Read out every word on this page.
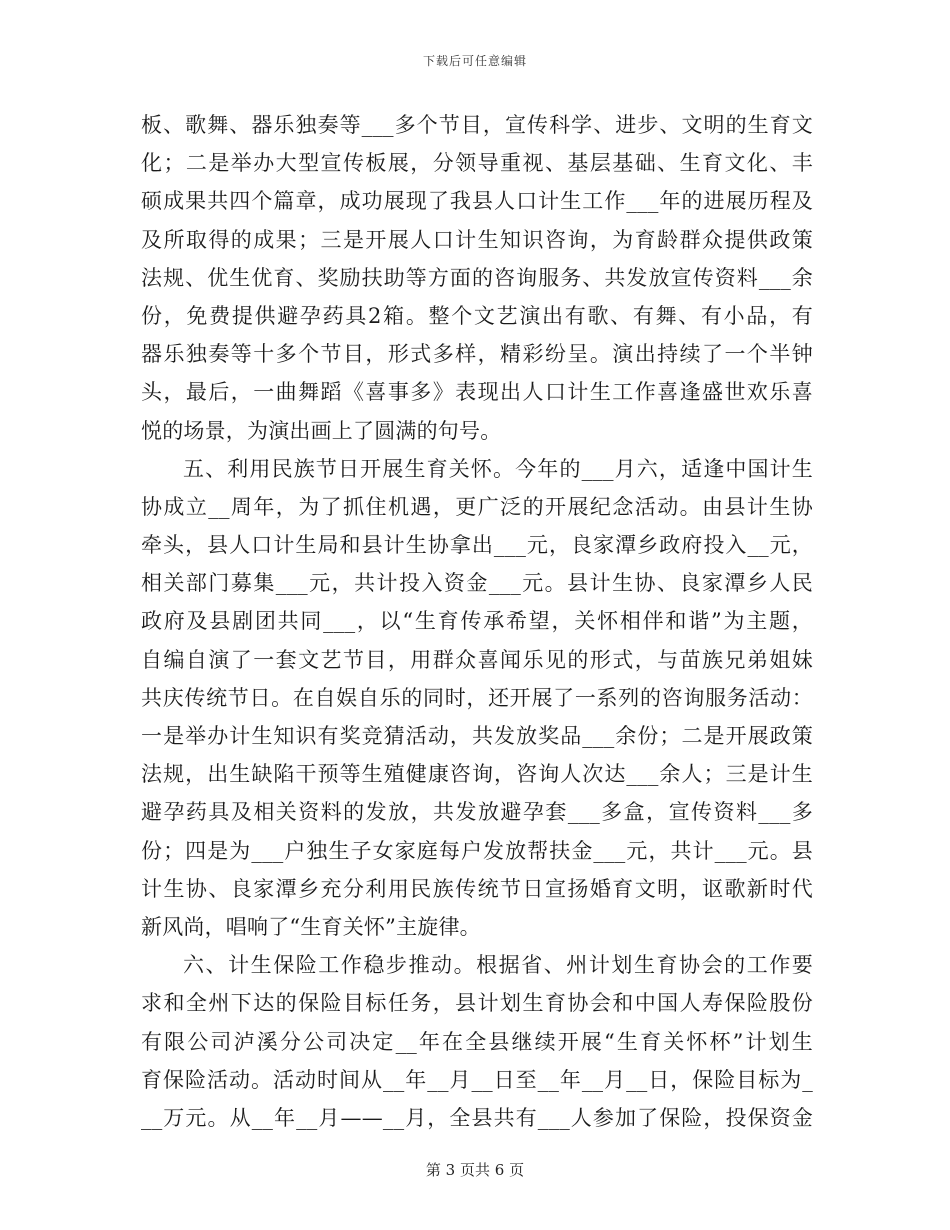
下载后可任意编辑
板、歌舞、器乐独奏等___多个节目，宣传科学、进步、文明的生育文
化；二是举办大型宣传板展，分领导重视、基层基础、生育文化、丰
硕成果共四个篇章，成功展现了我县人口计生工作___年的进展历程及
及所取得的成果；三是开展人口计生知识咨询，为育龄群众提供政策
法规、优生优育、奖励扶助等方面的咨询服务、共发放宣传资料___余
份，免费提供避孕药具2箱。整个文艺演出有歌、有舞、有小品，有
器乐独奏等十多个节目，形式多样，精彩纷呈。演出持续了一个半钟
头，最后，一曲舞蹈《喜事多》表现出人口计生工作喜逢盛世欢乐喜
悦的场景，为演出画上了圆满的句号。
五、利用民族节日开展生育关怀。今年的___月六，适逢中国计生
协成立__周年，为了抓住机遇，更广泛的开展纪念活动。由县计生协
牵头，县人口计生局和县计生协拿出___元，良家潭乡政府投入__元，
相关部门募集___元，共计投入资金___元。县计生协、良家潭乡人民
政府及县剧团共同___，以“生育传承希望，关怀相伴和谐”为主题，
自编自演了一套文艺节目，用群众喜闻乐见的形式，与苗族兄弟姐妹
共庆传统节日。在自娱自乐的同时，还开展了一系列的咨询服务活动：
一是举办计生知识有奖竞猜活动，共发放奖品___余份；二是开展政策
法规，出生缺陷干预等生殖健康咨询，咨询人次达___余人；三是计生
避孕药具及相关资料的发放，共发放避孕套___多盒，宣传资料___多
份；四是为___户独生子女家庭每户发放帮扶金___元，共计___元。县
计生协、良家潭乡充分利用民族传统节日宣扬婚育文明，讴歌新时代
新风尚，唱响了“生育关怀”主旋律。
六、计生保险工作稳步推动。根据省、州计划生育协会的工作要
求和全州下达的保险目标任务，县计划生育协会和中国人寿保险股份
有限公司泸溪分公司决定__年在全县继续开展“生育关怀杯”计划生
育保险活动。活动时间从__年__月__日至__年__月__日，保险目标为_
__万元。从__年__月——__月，全县共有___人参加了保险，投保资金
第 3 页共 6 页
